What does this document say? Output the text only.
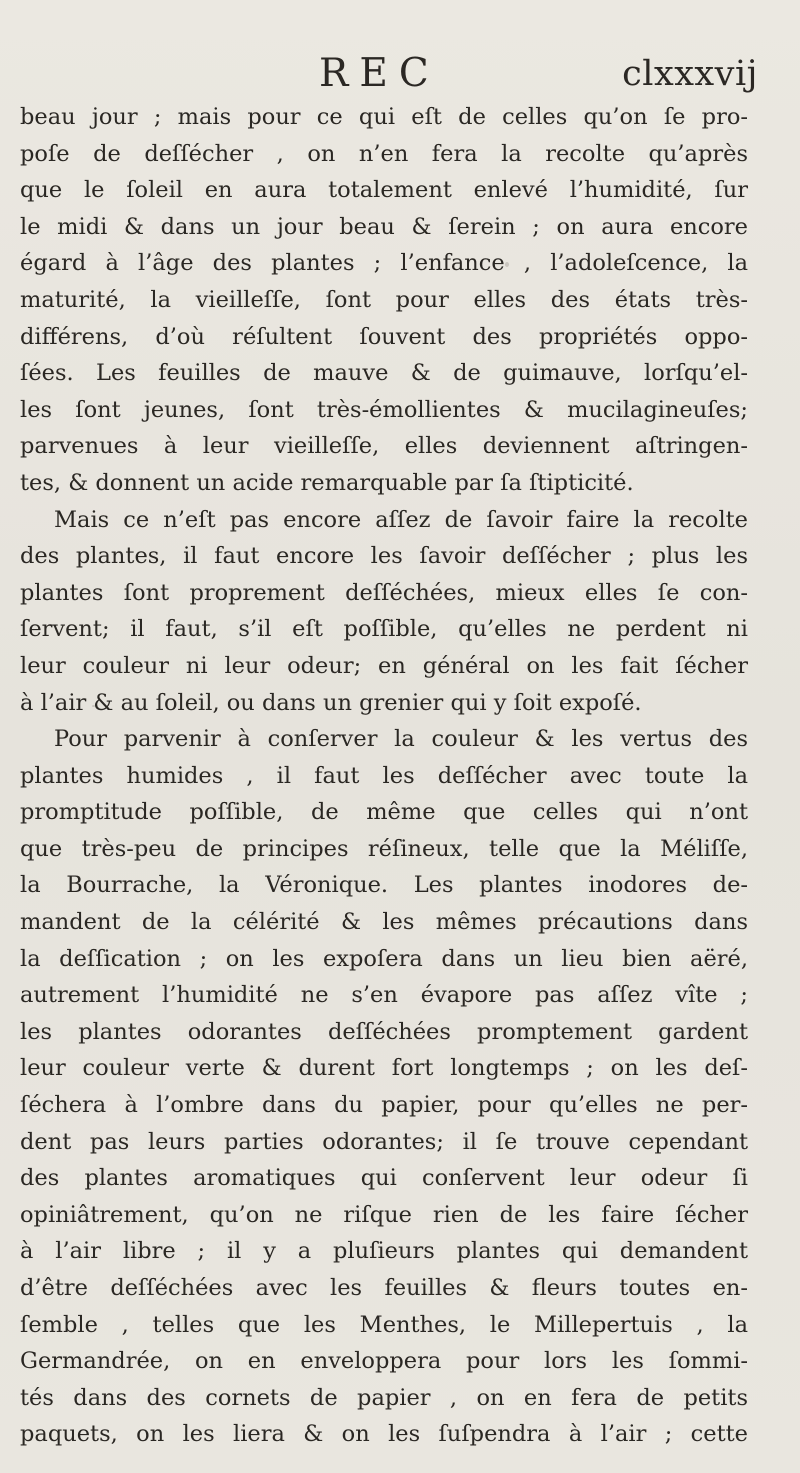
REC	clxxxvij
beau jour ; mais pour ce qui eſt de celles qu’on ſe pro-
poſe de deſſécher , on n’en fera la recolte qu’après
que le ſoleil en aura totalement enlevé l’humidité, ſur
le midi & dans un jour beau & ſerein ; on aura encore
égard à l’âge des plantes ; l’enfance , l’adoleſcence, la
maturité, la vieilleſſe, ſont pour elles des états très-
différens, d’où réſultent ſouvent des propriétés oppo-
ſées. Les feuilles de mauve & de guimauve, lorſqu’el-
les ſont jeunes, ſont très-émollientes & mucilagineuſes;
parvenues à leur vieilleſſe, elles deviennent aſtringen-
tes, & donnent un acide remarquable par ſa ſtipticité.
Mais ce n’eſt pas encore aſſez de ſavoir faire la recolte
des plantes, il faut encore les ſavoir deſſécher ; plus les
plantes ſont proprement deſſéchées, mieux elles ſe con-
ſervent; il faut, s’il eſt poſſible, qu’elles ne perdent ni
leur couleur ni leur odeur; en général on les fait ſécher
à l’air & au ſoleil, ou dans un grenier qui y ſoit expoſé.
Pour parvenir à conſerver la couleur & les vertus des
plantes humides , il faut les deſſécher avec toute la
promptitude poſſible, de même que celles qui n’ont
que très-peu de principes réſineux, telle que la Méliſſe,
la Bourrache, la Véronique. Les plantes inodores de-
mandent de la célérité & les mêmes précautions dans
la deſſication ; on les expoſera dans un lieu bien aëré,
autrement l’humidité ne s’en évapore pas aſſez vîte ;
les plantes odorantes deſſéchées promptement gardent
leur couleur verte & durent fort longtemps ; on les deſ-
ſéchera à l’ombre dans du papier, pour qu’elles ne per-
dent pas leurs parties odorantes; il ſe trouve cependant
des plantes aromatiques qui conſervent leur odeur ſi
opiniâtrement, qu’on ne riſque rien de les faire ſécher
à l’air libre ; il y a pluſieurs plantes qui demandent
d’être deſſéchées avec les feuilles & fleurs toutes en-
ſemble , telles que les Menthes, le Millepertuis , la
Germandrée, on en enveloppera pour lors les ſommi-
tés dans des cornets de papier , on en fera de petits
paquets, on les liera & on les ſuſpendra à l’air ; cette
